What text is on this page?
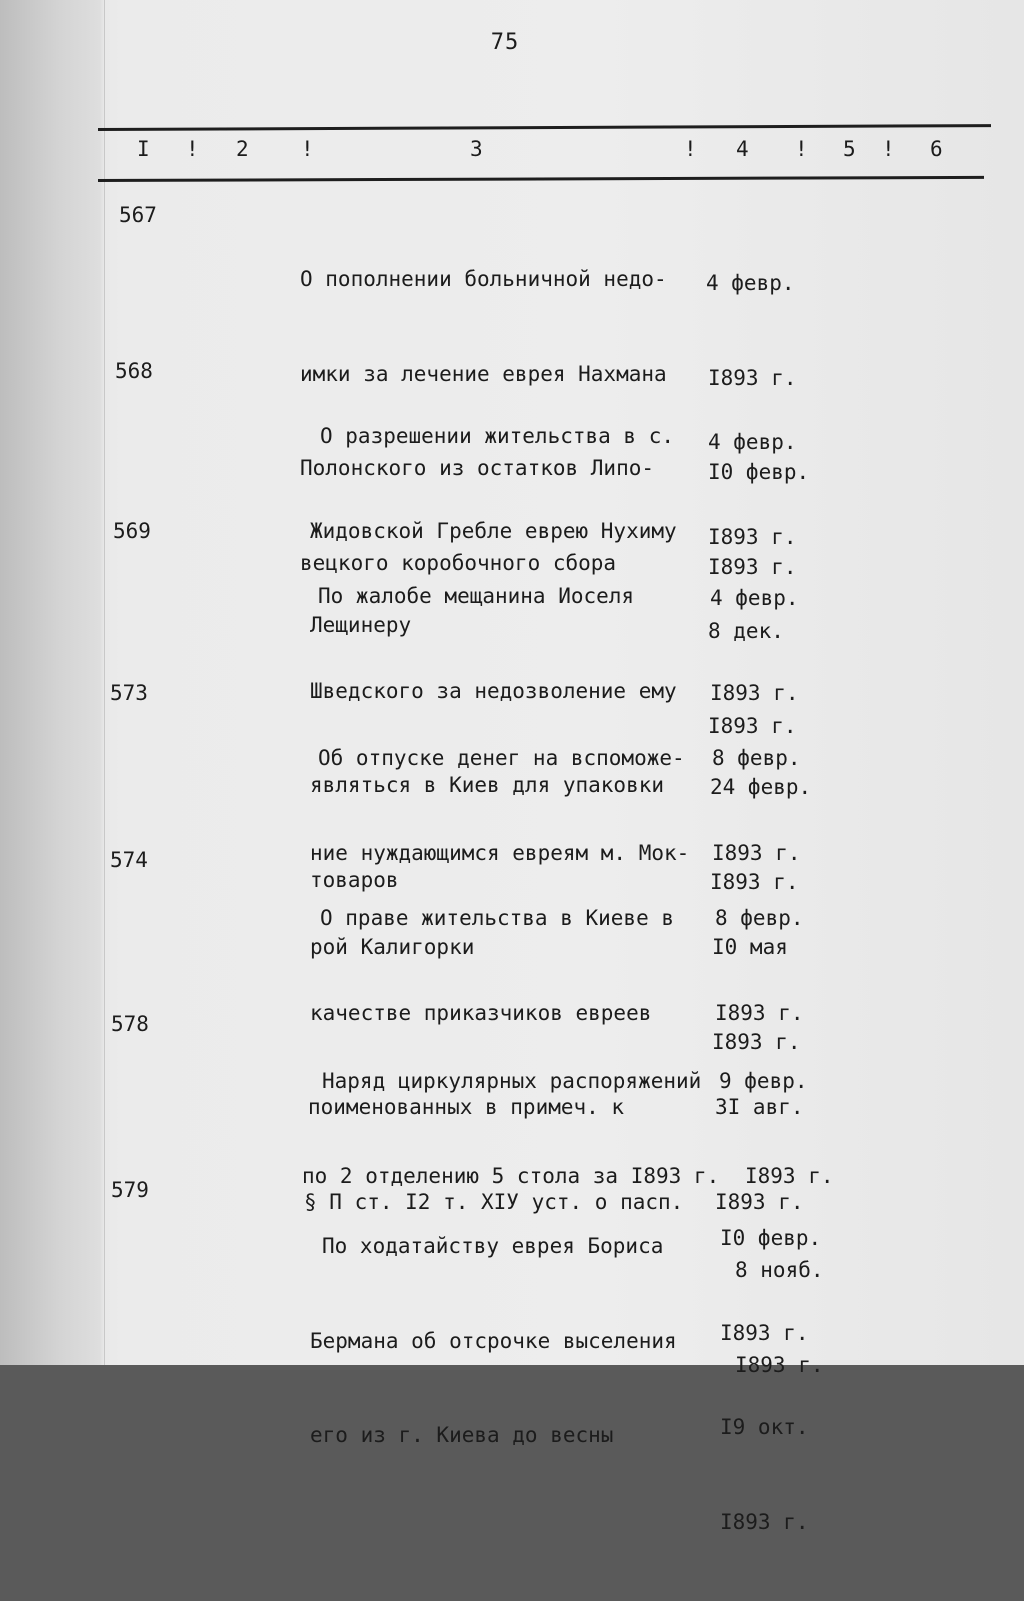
75
I ! 2 !	3	! 4 ! 5 ! 6
567

О пополнении больничной недо-

имки за лечение еврея Нахмана

Полонского из остатков Липо-

вецкого коробочного сбора

4 февр.

I893 г.

I0 февр.

I893 г.

568

О разрешении жительства в с.

Жидовской Гребле еврею Нухиму

Лещинеру

4 февр.

I893 г.

8 дек.

I893 г.

569

По жалобе мещанина Иоселя

Шведского за недозволение ему

являться в Киев для упаковки

товаров

4 февр.

I893 г.

24 февр.

I893 г.

573

Об отпуске денег на вспоможе-

ние нуждающимся евреям м. Мок-

рой Калигорки

8 февр.

I893 г.

I0 мая

I893 г.

574

О праве жительства в Киеве в

качестве приказчиков евреев

поименованных в примеч. к

§ П ст. I2 т. XIУ уст. о пасп.

8 февр.

I893 г.

3I авг.

I893 г.

578

Наряд циркулярных распоряжений

по 2 отделению 5 стола за I893 г.

9 февр.

I893 г.

8 нояб.

I893 г.

579

По ходатайству еврея Бориса

Бермана об отсрочке выселения

его из г. Киева до весны

I0 февр.

I893 г.

I9 окт.

I893 г.
